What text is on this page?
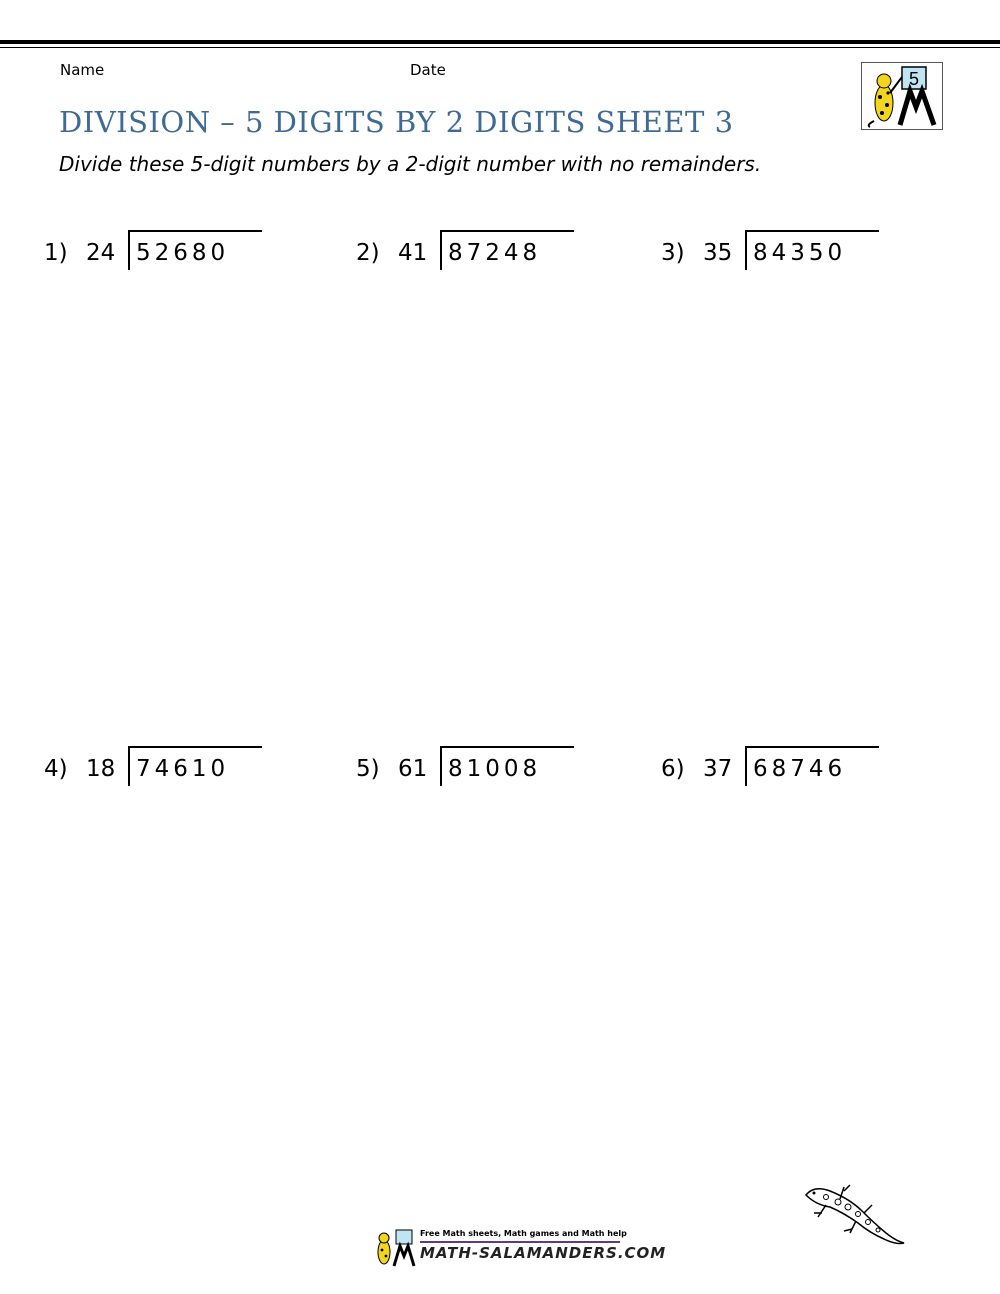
Name	Date	5
DIVISION – 5 DIGITS BY 2 DIGITS SHEET 3

Divide these 5-digit numbers by a 2-digit number with no remainders.

1) 24 52680	2) 41 87248	3) 35 84350
4) 18 74610	5) 61 81008	6) 37 68746
Free Math sheets, Math games and Math help
MATH-SALAMANDERS.COM
